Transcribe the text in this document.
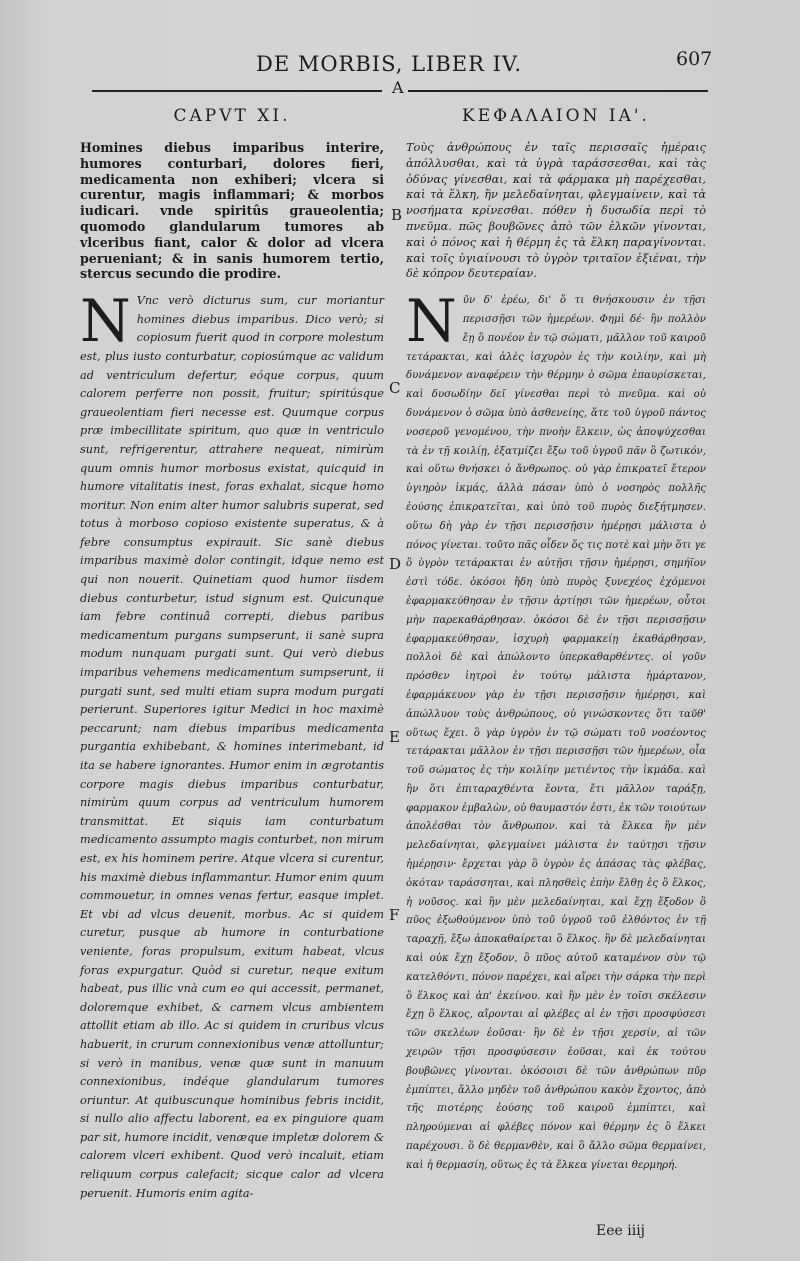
DE MORBIS, LIBER IV.	607
A
B
C
D
E
F
CAPVT XI.
Homines diebus imparibus interire, humores conturbari, dolores fieri, medicamenta non exhiberi; vlcera si curentur, magis inflammari; & morbos iudicari. vnde spiritûs graueolentia; quomodo glandularum tumores ab vlceribus fiant, calor & dolor ad vlcera perueniant; & in sanis humorem tertio, stercus secundo die prodire.
N Vnc verò dicturus sum, cur moriantur homines diebus imparibus. Dico verò; si copiosum fuerit quod in corpore molestum est, plus iusto conturbatur, copiosúmque ac validum ad ventriculum defertur, eóque corpus, quum calorem perferre non possit, fruitur; spiritúsque graueolentiam fieri necesse est. Quumque corpus præ imbecillitate spiritum, quo quæ in ventriculo sunt, refrigerentur, attrahere nequeat, nimirùm quum omnis humor morbosus existat, quicquid in humore vitalitatis inest, foras exhalat, sicque homo moritur. Non enim alter humor salubris superat, sed totus à morboso copioso existente superatus, & à febre consumptus expirauit. Sic sanè diebus imparibus maximè dolor contingit, idque nemo est qui non nouerit. Quinetiam quod humor iisdem diebus conturbetur, istud signum est. Quicunque iam febre continuâ correpti, diebus paribus medicamentum purgans sumpserunt, ii sanè supra modum nunquam purgati sunt. Qui verò diebus imparibus vehemens medicamentum sumpserunt, ii purgati sunt, sed multi etiam supra modum purgati perierunt. Superiores igitur Medici in hoc maximè peccarunt; nam diebus imparibus medicamenta purgantia exhibebant, & homines interimebant, id ita se habere ignorantes. Humor enim in ægrotantis corpore magis diebus imparibus conturbatur, nimirùm quum corpus ad ventriculum humorem transmittat. Et siquis iam conturbatum medicamento assumpto magis conturbet, non mirum est, ex his hominem perire. Atque vlcera si curentur, his maximè diebus inflammantur. Humor enim quum commouetur, in omnes venas fertur, easque implet. Et vbi ad vlcus deuenit, morbus. Ac si quidem curetur, pusque ab humore in conturbatione veniente, foras propulsum, exitum habeat, vlcus foras expurgatur. Quòd si curetur, neque exitum habeat, pus illic vnà cum eo qui accessit, permanet, doloremque exhibet, & carnem vlcus ambientem attollit etiam ab illo. Ac si quidem in cruribus vlcus habuerit, in crurum connexionibus venæ attolluntur; si verò in manibus, venæ quæ sunt in manuum connexionibus, indéque glandularum tumores oriuntur. At quibuscunque hominibus febris incidit, si nullo alio affectu laborent, ea ex pinguiore quam par sit, humore incidit, venæque impletæ dolorem & calorem vlceri exhibent. Quod verò incaluit, etiam reliquum corpus calefacit; sicque calor ad vlcera peruenit. Humoris enim agita-
ΚΕΦΑΛΑΙΟΝ ΙΑ'.
Τοὺς ἀνθρώπους ἐν ταῖς περισσαῖς ἡμέραις ἀπόλλυσθαι, καὶ τὰ ὑγρὰ ταράσσεσθαι, καὶ τὰς ὀδύνας γίνεσθαι, καὶ τὰ φάρμακα μὴ παρέχεσθαι, καὶ τὰ ἕλκη, ἢν μελεδαίνηται, φλεγμαίνειν, καὶ τὰ νοσήματα κρίνεσθαι. πόθεν ἡ δυσωδία περὶ τὸ πνεῦμα. πῶς βουβῶνες ἀπὸ τῶν ἑλκῶν γίνονται, καὶ ὁ πόνος καὶ ἡ θέρμη ἐς τὰ ἕλκη παραγίνονται. καὶ τοῖς ὑγιαίνουσι τὸ ὑγρὸν τριταῖον ἐξιέναι, τὴν δὲ κόπρον δευτεραίαν.
Ν ῦν δ' ἐρέω, δι' ὅ τι θνήσκουσιν ἐν τῇσι περισσῇσι τῶν ἡμερέων. Φημὶ δέ· ἢν πολλὸν ἔῃ ὃ πονέον ἐν τῷ σώματι, μᾶλλον τοῦ καιροῦ τετάρακται, καὶ ἁλὲς ἰσχυρὸν ἐς τὴν κοιλίην, καὶ μὴ δυνάμενον αναφέρειν τὴν θέρμην ὁ σῶμα ἐπαυρίσκεται, καὶ δυσωδίην δεῖ γίνεσθαι περὶ τὸ πνεῦμα. καὶ οὐ δυνάμενον ὁ σῶμα ὑπὸ ἀσθενείης, ἅτε τοῦ ὑγροῦ πάντος νοσεροῦ γενομένου, τὴν πνοὴν ἕλκειν, ὡς ἀποψύχεσθαι τὰ ἐν τῇ κοιλίῃ, ἐξατμίζει ἔξω τοῦ ὑγροῦ πᾶν ὃ ζωτικόν, καὶ οὕτω θνήσκει ὁ ἄνθρωπος. οὐ γὰρ ἐπικρατεῖ ἕτερον ὑγιηρὸν ἰκμάς, ἀλλὰ πάσαν ὑπὸ ὁ νοσηρὸς πολλῆς ἐούσης ἐπικρατεῖται, καὶ ὑπὸ τοῦ πυρὸς διεξήτμησεν. οὕτω δὴ γὰρ ἐν τῇσι περισσῇσιν ἡμέρῃσι μάλιστα ὁ πόνος γίνεται. τοῦτο πᾶς οἶδεν ὅς τις ποτὲ καὶ μὴν ὅτι γε ὃ ὑγρὸν τετάρακται ἐν αὐτῇσι τῇσιν ἡμέρῃσι, σημήϊον ἐστὶ τόδε. ὁκόσοι ἤδη ὑπὸ πυρὸς ξυνεχέος ἐχόμενοι ἐφαρμακεύθησαν ἐν τῇσιν ἀρτίῃσι τῶν ἡμερέων, οὗτοι μὴν παρεκαθάρθησαν. ὁκόσοι δὲ ἐν τῇσι περισσῇσιν ἐφαρμακεύθησαν, ἰσχυρὴ φαρμακείῃ ἐκαθάρθησαν, πολλοὶ δὲ καὶ ἀπώλοντο ὑπερκαθαρθέντες. οἱ γοῦν πρόσθεν ἰητροὶ ἐν τούτῳ μάλιστα ἡμάρτανον, ἐφαρμάκευον γὰρ ἐν τῇσι περισσῇσιν ἡμέρῃσι, καὶ ἀπώλλυον τοὺς ἀνθρώπους, οὐ γινώσκοντες ὅτι ταῦθ' οὕτως ἔχει. ὃ γὰρ ὑγρὸν ἐν τῷ σώματι τοῦ νοσέοντος τετάρακται μᾶλλον ἐν τῇσι περισσῇσι τῶν ἡμερέων, οἷα τοῦ σώματος ἐς τὴν κοιλίην μετιέντος τὴν ἰκμάδα. καὶ ἢν ὅτι ἐπιταραχθέντα ἔοντα, ἔτι μᾶλλον ταράξῃ, φαρμακον ἐμβαλὼν, οὐ θαυμαστόν ἐστι, ἐκ τῶν τοιούτων ἀπολέσθαι τὸν ἄνθρωπον. καὶ τὰ ἕλκεα ἢν μὲν μελεδαίνηται, φλεγμαίνει μάλιστα ἐν ταύτῃσι τῇσιν ἡμέρῃσιν· ἔρχεται γὰρ ὃ ὑγρὸν ἐς ἁπάσας τὰς φλέβας, ὁκόταν ταράσσηται, καὶ πλησθεὶς ἐπὴν ἔλθῃ ἐς ὃ ἕλκος, ἡ νοῦσος. καὶ ἢν μὲν μελεδαίνηται, καὶ ἔχῃ ἔξοδον ὃ πῦος ἐξωθούμενον ὑπὸ τοῦ ὑγροῦ τοῦ ἐλθόντος ἐν τῇ ταραχῇ, ἔξω ἀποκαθαίρεται ὃ ἕλκος. ἢν δὲ μελεδαίνηται καὶ οὐκ ἔχῃ ἔξοδον, ὃ πῦος αὐτοῦ καταμένον σὺν τῷ κατελθόντι, πόνον παρέχει, καὶ αἴρει τὴν σάρκα τὴν περὶ ὃ ἕλκος καὶ ἀπ' ἐκείνου. καὶ ἢν μὲν ἐν τοῖσι σκέλεσιν ἔχῃ ὃ ἕλκος, αἴρονται αἱ φλέβες αἱ ἐν τῇσι προσφύσεσι τῶν σκελέων ἐοῦσαι· ἢν δὲ ἐν τῇσι χερσίν, αἱ τῶν χειρῶν τῇσι προσφύσεσιν ἐοῦσαι, καὶ ἐκ τούτου βουβῶνες γίνονται. ὁκόσοισι δὲ τῶν ἀνθρώπων πῦρ ἐμπίπτει, ἄλλο μηδὲν τοῦ ἀνθρώπου κακὸν ἔχοντος, ἀπὸ τῆς πιοτέρης ἐούσης τοῦ καιροῦ ἐμπίπτει, καὶ πληρούμεναι αἱ φλέβες πόνον καὶ θέρμην ἐς ὃ ἕλκει παρέχουσι. ὃ δὲ θερμανθὲν, καὶ ὃ ἄλλο σῶμα θερμαίνει, καὶ ἡ θερμασίη, οὕτως ἐς τὰ ἕλκεα γίνεται θερμηρή.
Eee iiij
